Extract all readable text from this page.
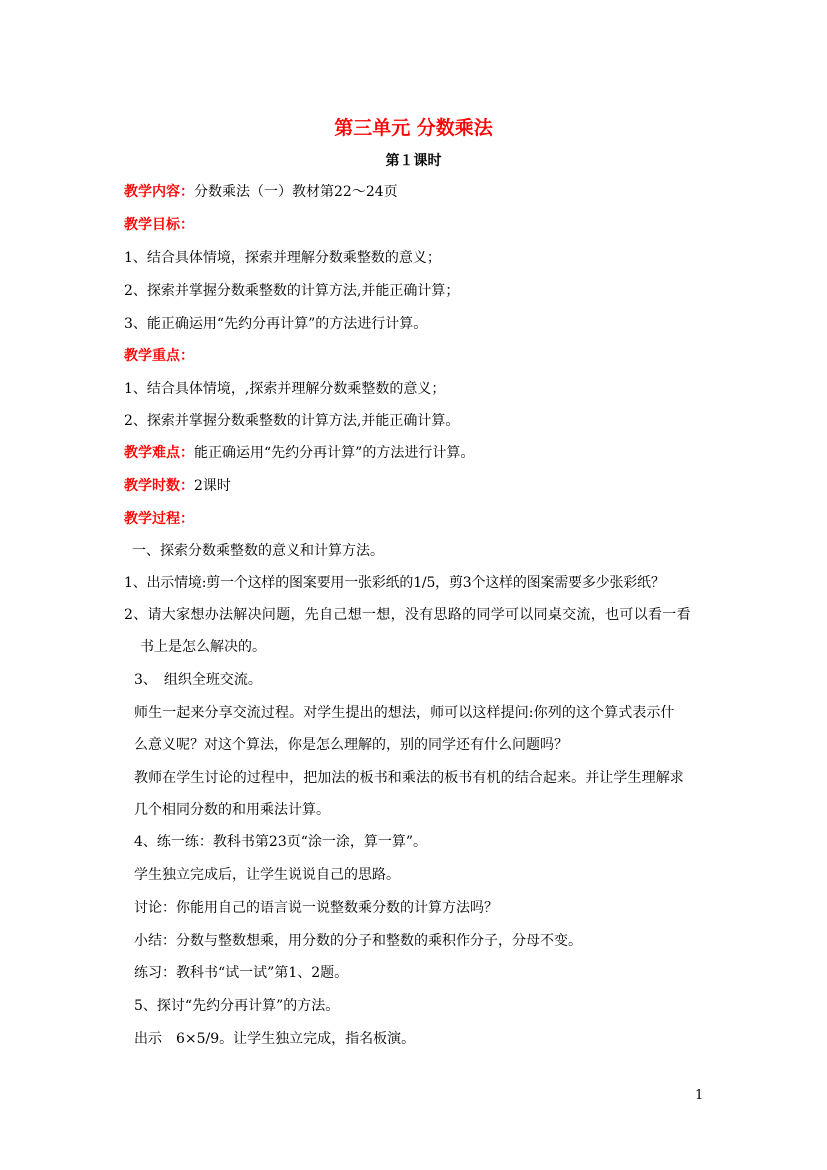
第三单元 分数乘法
第１课时
教学内容：分数乘法（一）教材第22～24页
教学目标：
1、结合具体情境，探索并理解分数乘整数的意义；
2、探索并掌握分数乘整数的计算方法,并能正确计算；
3、能正确运用“先约分再计算”的方法进行计算。
教学重点：
1、结合具体情境，,探索并理解分数乘整数的意义；
2、探索并掌握分数乘整数的计算方法,并能正确计算。
教学难点：能正确运用“先约分再计算”的方法进行计算。
教学时数：2课时
教学过程：
一、探索分数乘整数的意义和计算方法。
1、出示情境:剪一个这样的图案要用一张彩纸的1/5，剪3个这样的图案需要多少张彩纸？
2、请大家想办法解决问题，先自己想一想，没有思路的同学可以同桌交流，也可以看一看
书上是怎么解决的。
3、　组织全班交流。
师生一起来分享交流过程。对学生提出的想法，师可以这样提问:你列的这个算式表示什
么意义呢？对这个算法，你是怎么理解的，别的同学还有什么问题吗？
教师在学生讨论的过程中，把加法的板书和乘法的板书有机的结合起来。并让学生理解求
几个相同分数的和用乘法计算。
4、练一练：教科书第23页“涂一涂，算一算”。
学生独立完成后，让学生说说自己的思路。
讨论：你能用自己的语言说一说整数乘分数的计算方法吗？
小结：分数与整数想乘，用分数的分子和整数的乘积作分子，分母不变。
练习：教科书“试一试”第1、2题。
5、探讨“先约分再计算”的方法。
出示　6×5/9。让学生独立完成，指名板演。
1
